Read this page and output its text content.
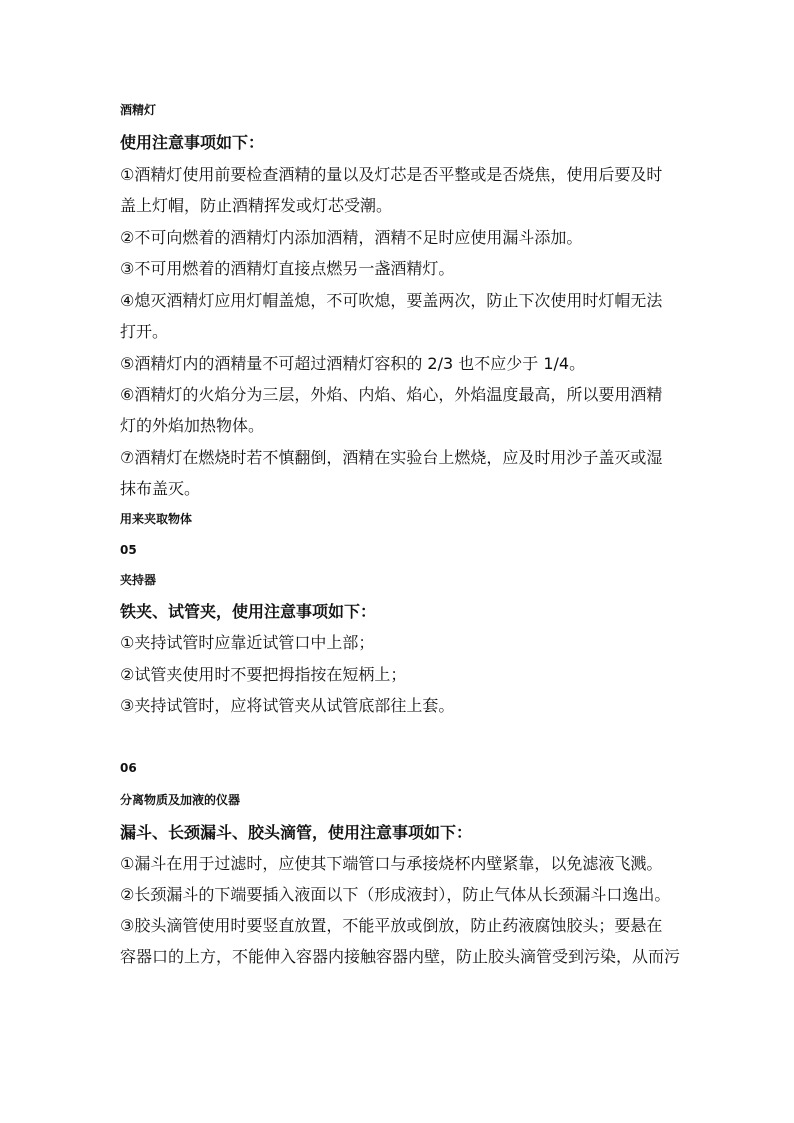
酒精灯
使用注意事项如下：
①酒精灯使用前要检查酒精的量以及灯芯是否平整或是否烧焦，使用后要及时
盖上灯帽，防止酒精挥发或灯芯受潮。
②不可向燃着的酒精灯内添加酒精，酒精不足时应使用漏斗添加。
③不可用燃着的酒精灯直接点燃另一盏酒精灯。
④熄灭酒精灯应用灯帽盖熄，不可吹熄，要盖两次，防止下次使用时灯帽无法
打开。
⑤酒精灯内的酒精量不可超过酒精灯容积的 2/3 也不应少于 1/4。
⑥酒精灯的火焰分为三层，外焰、内焰、焰心，外焰温度最高，所以要用酒精
灯的外焰加热物体。
⑦酒精灯在燃烧时若不慎翻倒，酒精在实验台上燃烧，应及时用沙子盖灭或湿
抹布盖灭。
用来夹取物体
05
夹持器
铁夹、试管夹，使用注意事项如下：
①夹持试管时应靠近试管口中上部；
②试管夹使用时不要把拇指按在短柄上；
③夹持试管时，应将试管夹从试管底部往上套。
06
分离物质及加液的仪器
漏斗、长颈漏斗、胶头滴管，使用注意事项如下：
①漏斗在用于过滤时，应使其下端管口与承接烧杯内壁紧靠，以免滤液飞溅。
②长颈漏斗的下端要插入液面以下（形成液封），防止气体从长颈漏斗口逸出。
③胶头滴管使用时要竖直放置，不能平放或倒放，防止药液腐蚀胶头；要悬在
容器口的上方，不能伸入容器内接触容器内壁，防止胶头滴管受到污染，从而污
